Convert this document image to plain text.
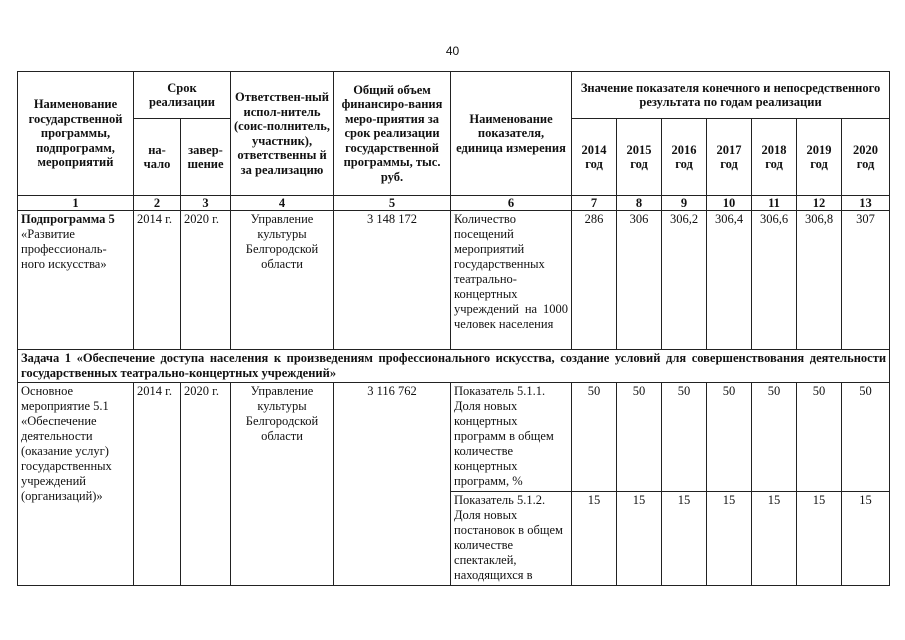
40
Наименование государственной программы, подпрограмм, мероприятий	Срок реализации		Ответствен-ный испол-нитель (соис-полнитель, участник), ответственны й за реализацию	Общий объем финансиро-вания меро-приятия за срок реализации государственной программы, тыс. руб.	Наименование показателя, единица измерения	Значение показателя конечного и непосредственного результата по годам реализации						
	на-чало	завер-шение				2014 год	2015 год	2016 год	2017 год	2018 год	2019 год	2020 год
1	2	3	4	5	6	7	8	9	10	11	12	13
Подпрограмма 5 «Развитие профессиональ-ного искусства»	2014 г.	2020 г.	Управление культуры Белгородской области	3 148 172	Количество посещений мероприятий государственных театрально-концертных учреждений на 1000 человек населения	286	306	306,2	306,4	306,6	306,8	307
Задача 1 «Обеспечение доступа населения к произведениям профессионального искусства, создание условий для совершенствования деятельности государственных театрально-концертных учреждений»												
Основное мероприятие 5.1 «Обеспечение деятельности (оказание услуг) государственных учреждений (организаций)»	2014 г.	2020 г.	Управление культуры Белгородской области	3 116 762	Показатель 5.1.1. Доля новых концертных программ в общем количестве концертных программ, %	50	50	50	50	50	50	50
					Показатель 5.1.2. Доля новых постановок в общем количестве спектаклей, находящихся в	15	15	15	15	15	15	15
